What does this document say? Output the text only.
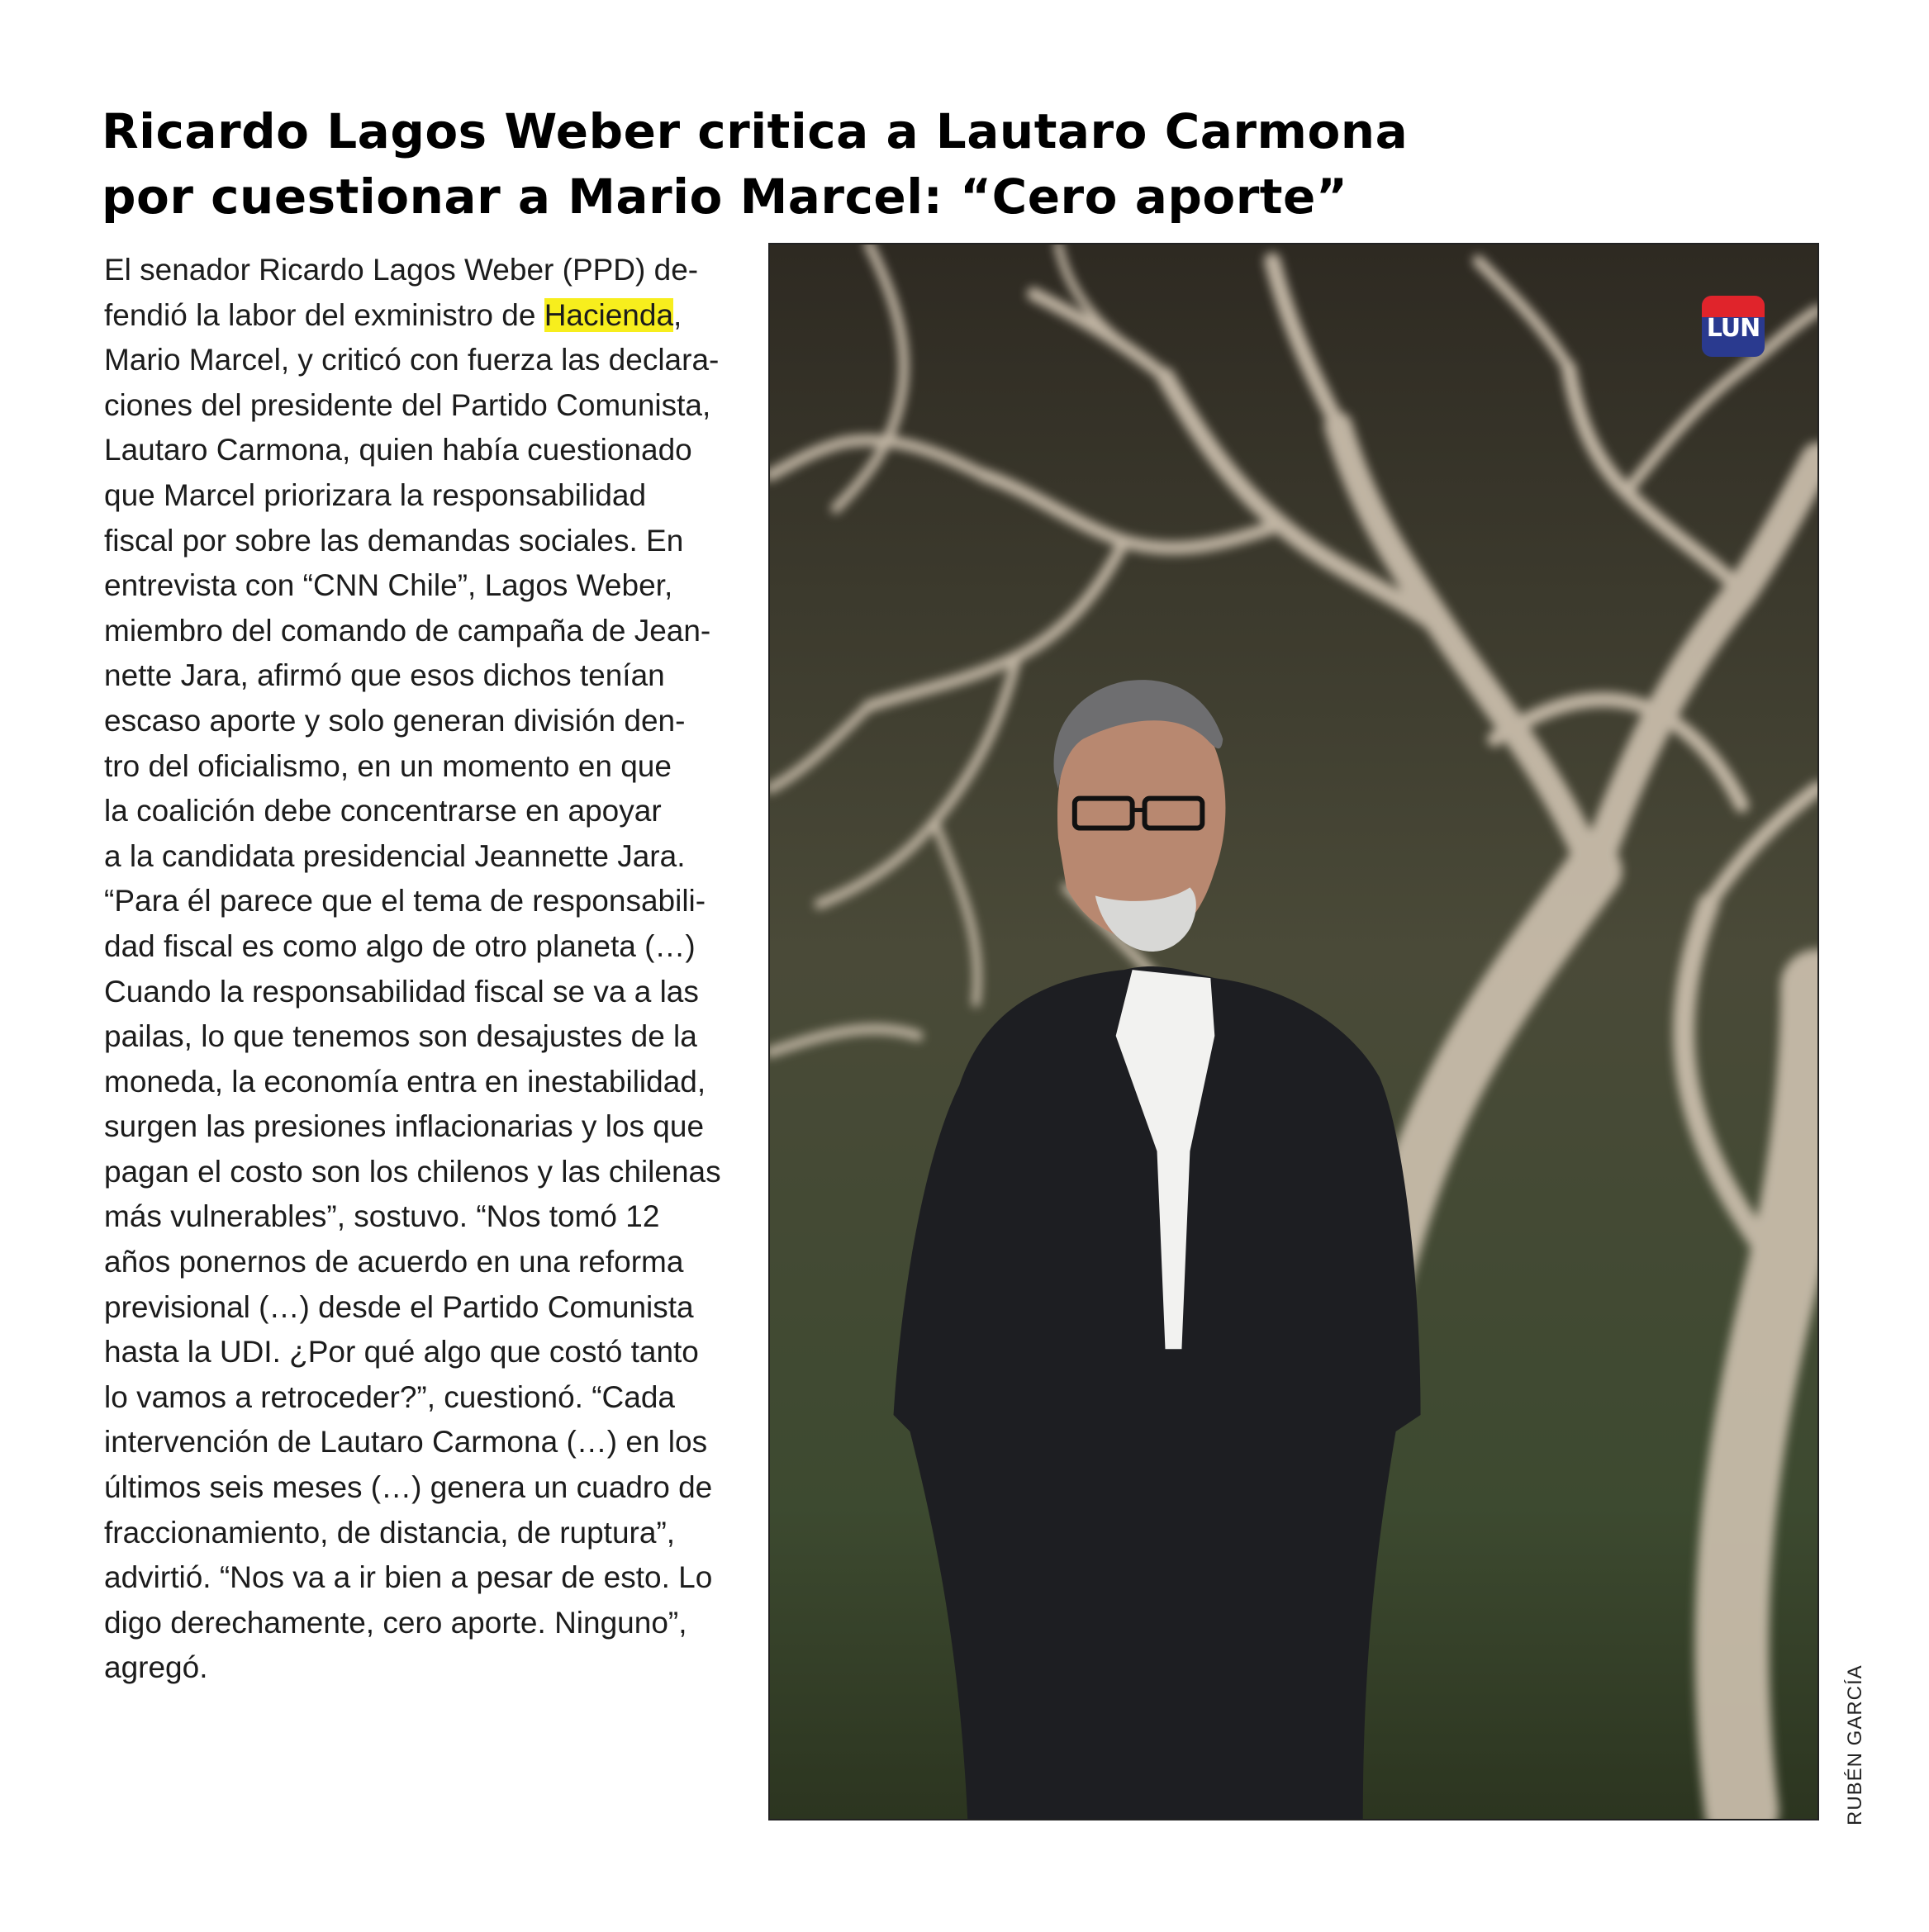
Ricardo Lagos Weber critica a Lautaro Carmona
por cuestionar a Mario Marcel: “Cero aporte”
El senador Ricardo Lagos Weber (PPD) de-
fendió la labor del exministro de Hacienda,
Mario Marcel, y criticó con fuerza las declara-
ciones del presidente del Partido Comunista,
Lautaro Carmona, quien había cuestionado
que Marcel priorizara la responsabilidad
fiscal por sobre las demandas sociales. En
entrevista con “CNN Chile”, Lagos Weber,
miembro del comando de campaña de Jean-
nette Jara, afirmó que esos dichos tenían
escaso aporte y solo generan división den-
tro del oficialismo, en un momento en que
la coalición debe concentrarse en apoyar
a la candidata presidencial Jeannette Jara.
“Para él parece que el tema de responsabili-
dad fiscal es como algo de otro planeta (…)
Cuando la responsabilidad fiscal se va a las
pailas, lo que tenemos son desajustes de la
moneda, la economía entra en inestabilidad,
surgen las presiones inflacionarias y los que
pagan el costo son los chilenos y las chilenas
más vulnerables”, sostuvo. “Nos tomó 12
años ponernos de acuerdo en una reforma
previsional (…) desde el Partido Comunista
hasta la UDI. ¿Por qué algo que costó tanto
lo vamos a retroceder?”, cuestionó. “Cada
intervención de Lautaro Carmona (…) en los
últimos seis meses (…) genera un cuadro de
fraccionamiento, de distancia, de ruptura”,
advirtió. “Nos va a ir bien a pesar de esto. Lo
digo derechamente, cero aporte. Ninguno”,
agregó.
LUN
RUBÉN GARCÍA
